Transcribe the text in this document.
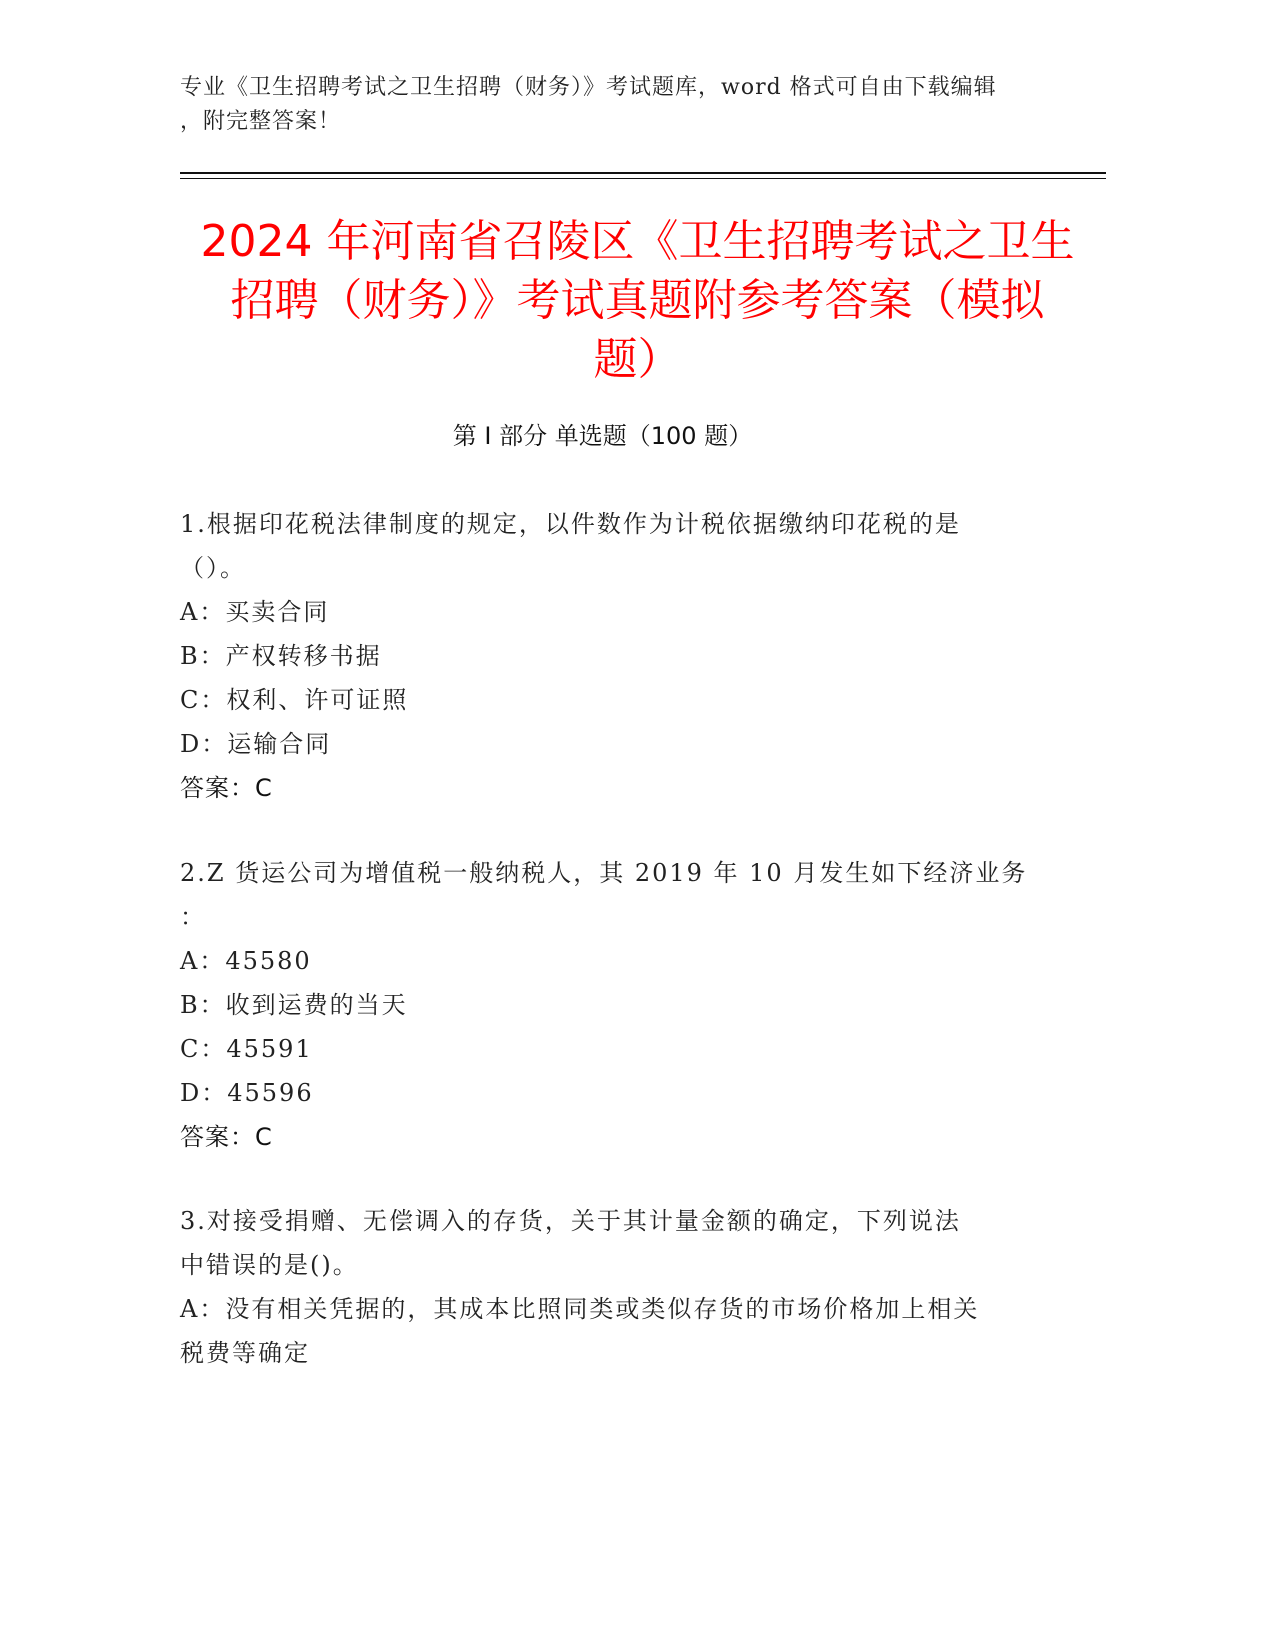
专业《卫生招聘考试之卫生招聘（财务）》考试题库，word 格式可自由下载编辑
，附完整答案！
2024 年河南省召陵区《卫生招聘考试之卫生
招聘（财务）》考试真题附参考答案（模拟
题）
第 I 部分 单选题（100 题）
1.根据印花税法律制度的规定，以件数作为计税依据缴纳印花税的是
（）。
A：买卖合同
B：产权转移书据
C：权利、许可证照
D：运输合同
答案：C
2.Z 货运公司为增值税一般纳税人，其 2019 年 10 月发生如下经济业务
：
A：45580
B：收到运费的当天
C：45591
D：45596
答案：C
3.对接受捐赠、无偿调入的存货，关于其计量金额的确定，下列说法
中错误的是()。
A：没有相关凭据的，其成本比照同类或类似存货的市场价格加上相关
税费等确定
